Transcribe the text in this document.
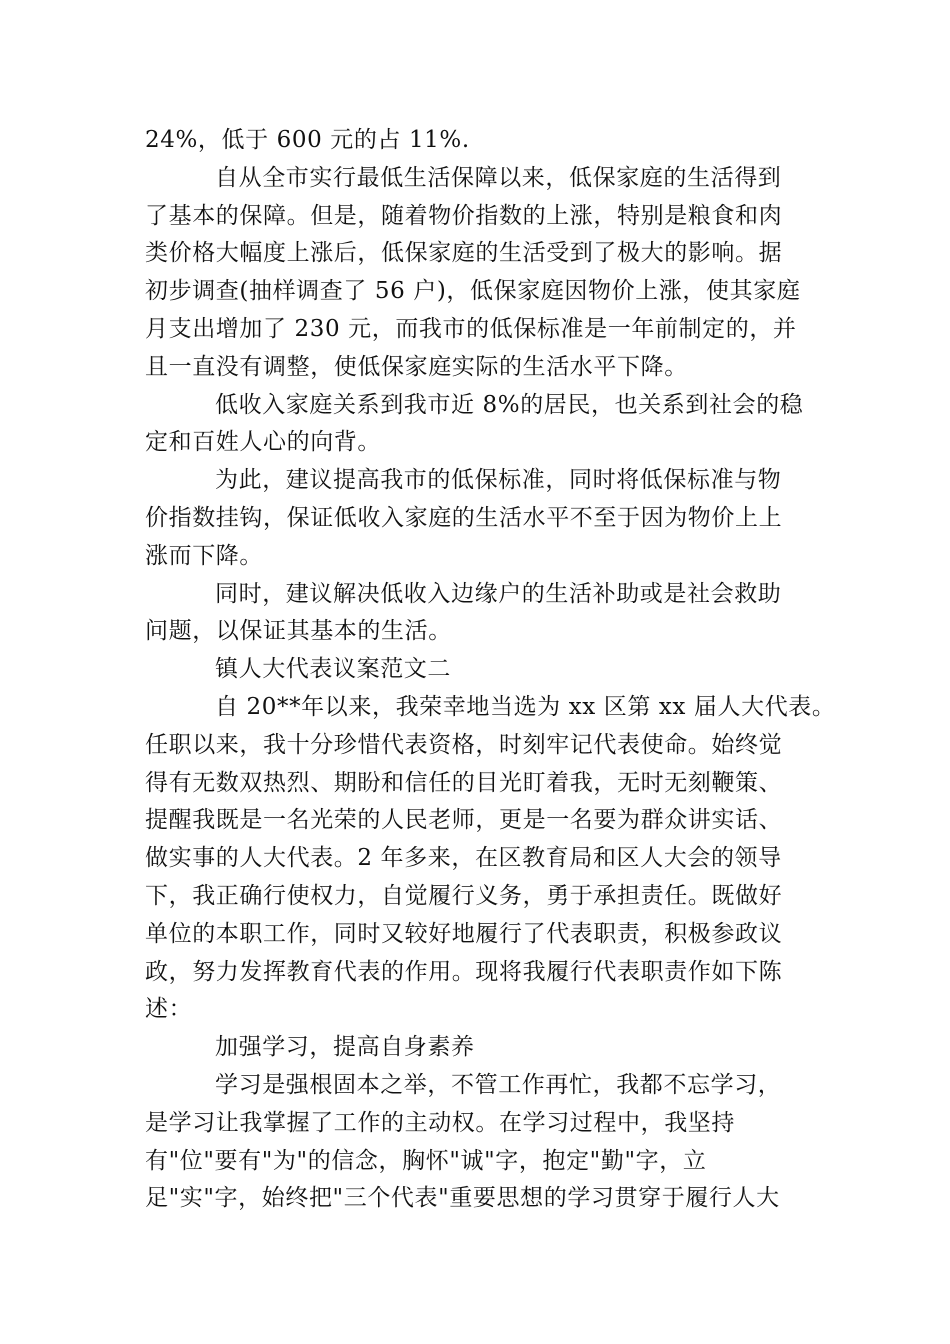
24%，低于 600 元的占 11%.
自从全市实行最低生活保障以来，低保家庭的生活得到
了基本的保障。但是，随着物价指数的上涨，特别是粮食和肉
类价格大幅度上涨后，低保家庭的生活受到了极大的影响。据
初步调查(抽样调查了 56 户)，低保家庭因物价上涨，使其家庭
月支出增加了 230 元，而我市的低保标准是一年前制定的，并
且一直没有调整，使低保家庭实际的生活水平下降。
低收入家庭关系到我市近 8%的居民，也关系到社会的稳
定和百姓人心的向背。
为此，建议提高我市的低保标准，同时将低保标准与物
价指数挂钩，保证低收入家庭的生活水平不至于因为物价上上
涨而下降。
同时，建议解决低收入边缘户的生活补助或是社会救助
问题，以保证其基本的生活。
镇人大代表议案范文二
自 20**年以来，我荣幸地当选为 xx 区第 xx 届人大代表。
任职以来，我十分珍惜代表资格，时刻牢记代表使命。始终觉
得有无数双热烈、期盼和信任的目光盯着我，无时无刻鞭策、
提醒我既是一名光荣的人民老师，更是一名要为群众讲实话、
做实事的人大代表。2 年多来，在区教育局和区人大会的领导
下，我正确行使权力，自觉履行义务，勇于承担责任。既做好
单位的本职工作，同时又较好地履行了代表职责，积极参政议
政，努力发挥教育代表的作用。现将我履行代表职责作如下陈
述：
加强学习，提高自身素养
学习是强根固本之举，不管工作再忙，我都不忘学习，
是学习让我掌握了工作的主动权。在学习过程中，我坚持
有"位"要有"为"的信念，胸怀"诚"字，抱定"勤"字，立
足"实"字，始终把"三个代表"重要思想的学习贯穿于履行人大
